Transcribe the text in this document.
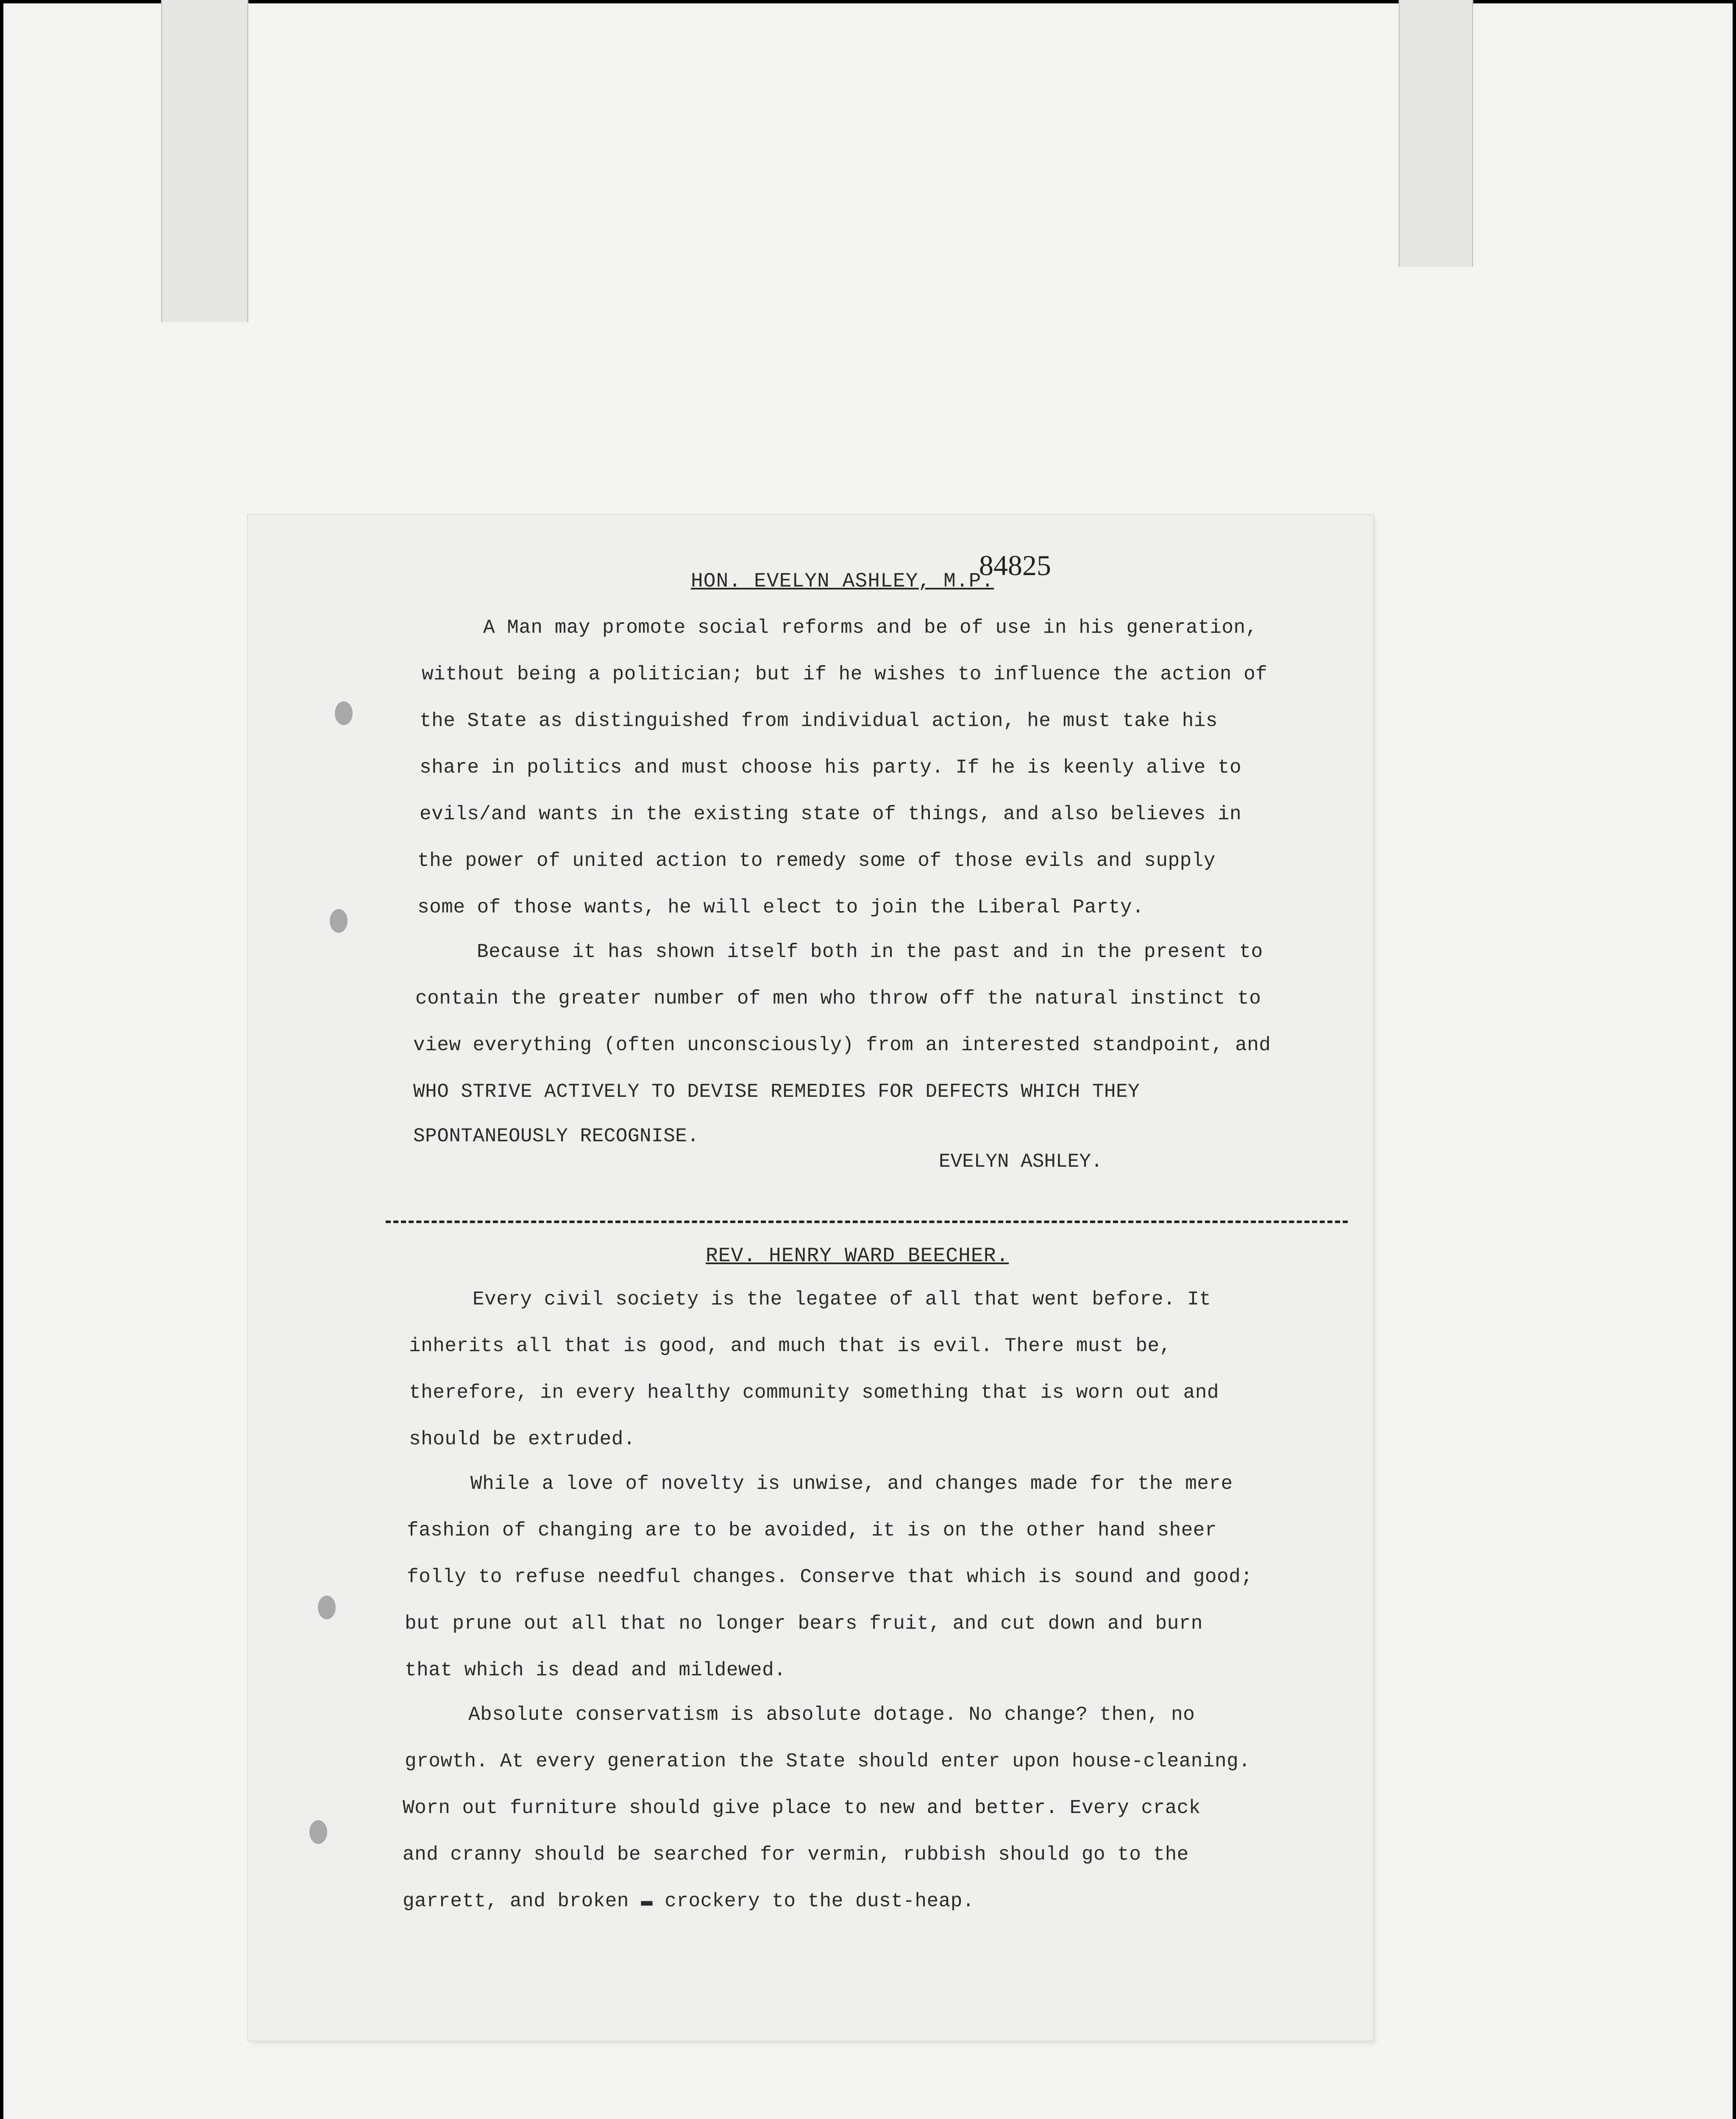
84825
HON. EVELYN ASHLEY, M.P.
A Man may promote social reforms and be of use in his generation,
without being a politician; but if he wishes to influence the action of
the State as distinguished from individual action, he must take his
share in politics and must choose his party. If he is keenly alive to
evils/and wants in the existing state of things, and also believes in
the power of united action to remedy some of those evils and supply
some of those wants, he will elect to join the Liberal Party.
Because it has shown itself both in the past and in the present to
contain the greater number of men who throw off the natural instinct to
view everything (often unconsciously) from an interested standpoint, and
WHO STRIVE ACTIVELY TO DEVISE REMEDIES FOR DEFECTS WHICH THEY
SPONTANEOUSLY RECOGNISE.
EVELYN ASHLEY.
REV. HENRY WARD BEECHER.
Every civil society is the legatee of all that went before. It
inherits all that is good, and much that is evil. There must be,
therefore, in every healthy community something that is worn out and
should be extruded.
While a love of novelty is unwise, and changes made for the mere
fashion of changing are to be avoided, it is on the other hand sheer
folly to refuse needful changes. Conserve that which is sound and good;
but prune out all that no longer bears fruit, and cut down and burn
that which is dead and mildewed.
Absolute conservatism is absolute dotage. No change? then, no
growth. At every generation the State should enter upon house-cleaning.
Worn out furniture should give place to new and better. Every crack
and cranny should be searched for vermin, rubbish should go to the
garrett, and broken ▬ crockery to the dust-heap.
